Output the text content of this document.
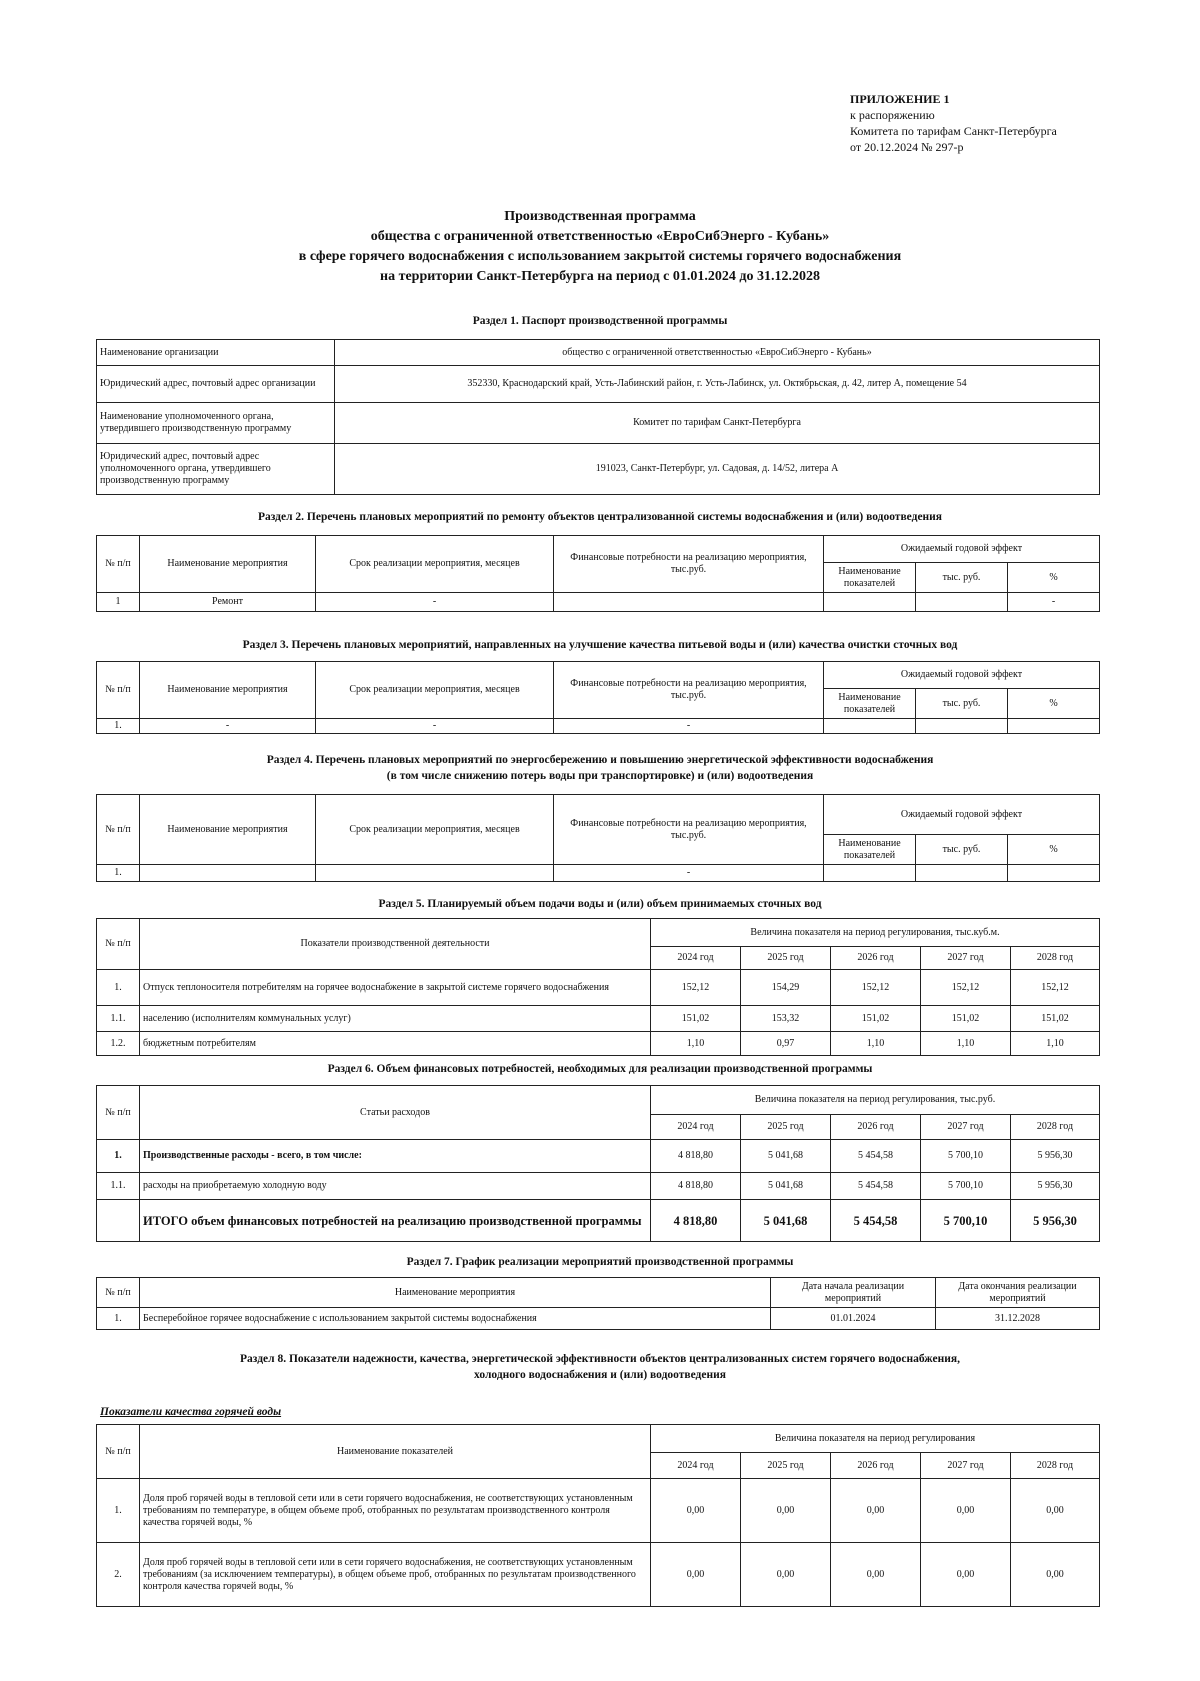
ПРИЛОЖЕНИЕ 1
к распоряжению
Комитета по тарифам Санкт-Петербурга
от 20.12.2024 № 297-р
Производственная программа
общества с ограниченной ответственностью «ЕвроСибЭнерго - Кубань»
в сфере горячего водоснабжения с использованием закрытой системы горячего водоснабжения
на территории Санкт-Петербурга на период с 01.01.2024 до 31.12.2028
Раздел 1. Паспорт производственной программы
Наименование организации	общество с ограниченной ответственностью «ЕвроСибЭнерго - Кубань»
Юридический адрес, почтовый адрес организации	352330, Краснодарский край, Усть-Лабинский район, г. Усть-Лабинск, ул. Октябрьская, д. 42, литер А, помещение 54
Наименование уполномоченного органа, утвердившего производственную программу	Комитет по тарифам Санкт-Петербурга
Юридический адрес, почтовый адрес уполномоченного органа, утвердившего производственную программу	191023, Санкт-Петербург, ул. Садовая, д. 14/52, литера А
Раздел 2. Перечень плановых мероприятий по ремонту объектов централизованной системы водоснабжения и (или) водоотведения
№ п/п	Наименование мероприятия	Срок реализации мероприятия, месяцев	Финансовые потребности на реализацию мероприятия, тыс.руб.	Ожидаемый годовой эффект		
				Наименование показателей	тыс. руб.	%
1	Ремонт	-				-
Раздел 3. Перечень плановых мероприятий, направленных на улучшение качества питьевой воды и (или) качества очистки сточных вод
№ п/п	Наименование мероприятия	Срок реализации мероприятия, месяцев	Финансовые потребности на реализацию мероприятия, тыс.руб.	Ожидаемый годовой эффект		
				Наименование показателей	тыс. руб.	%
1.	-	-	-			
Раздел 4. Перечень плановых мероприятий по энергосбережению и повышению энергетической эффективности водоснабжения
(в том числе снижению потерь воды при транспортировке) и (или) водоотведения
№ п/п	Наименование мероприятия	Срок реализации мероприятия, месяцев	Финансовые потребности на реализацию мероприятия, тыс.руб.	Ожидаемый годовой эффект		
				Наименование показателей	тыс. руб.	%
1.			-			
Раздел 5. Планируемый объем подачи воды и (или) объем принимаемых сточных вод
№ п/п	Показатели производственной деятельности	Величина показателя на период регулирования, тыс.куб.м.				
		2024 год	2025 год	2026 год	2027 год	2028 год
1.	Отпуск теплоносителя потребителям на горячее водоснабжение в закрытой системе горячего водоснабжения	152,12	154,29	152,12	152,12	152,12
1.1.	населению (исполнителям коммунальных услуг)	151,02	153,32	151,02	151,02	151,02
1.2.	бюджетным потребителям	1,10	0,97	1,10	1,10	1,10
Раздел 6. Объем финансовых потребностей, необходимых для реализации производственной программы
№ п/п	Статьи расходов	Величина показателя на период регулирования, тыс.руб.				
		2024 год	2025 год	2026 год	2027 год	2028 год
1.	Производственные расходы - всего, в том числе:	4 818,80	5 041,68	5 454,58	5 700,10	5 956,30
1.1.	расходы на приобретаемую холодную воду	4 818,80	5 041,68	5 454,58	5 700,10	5 956,30
	ИТОГО объем финансовых потребностей на реализацию производственной программы	4 818,80	5 041,68	5 454,58	5 700,10	5 956,30
Раздел 7. График реализации мероприятий производственной программы
№ п/п	Наименование мероприятия	Дата начала реализации мероприятий	Дата окончания реализации мероприятий
1.	Бесперебойное горячее водоснабжение с использованием закрытой системы водоснабжения	01.01.2024	31.12.2028
Раздел 8. Показатели надежности, качества, энергетической эффективности объектов централизованных систем горячего водоснабжения,
холодного водоснабжения и (или) водоотведения
Показатели качества горячей воды
№ п/п	Наименование показателей	Величина показателя на период регулирования				
		2024 год	2025 год	2026 год	2027 год	2028 год
1.	Доля проб горячей воды в тепловой сети или в сети горячего водоснабжения, не соответствующих установленным требованиям по температуре, в общем объеме проб, отобранных по результатам производственного контроля качества горячей воды, %	0,00	0,00	0,00	0,00	0,00
2.	Доля проб горячей воды в тепловой сети или в сети горячего водоснабжения, не соответствующих установленным требованиям (за исключением температуры), в общем объеме проб, отобранных по результатам производственного контроля качества горячей воды, %	0,00	0,00	0,00	0,00	0,00
